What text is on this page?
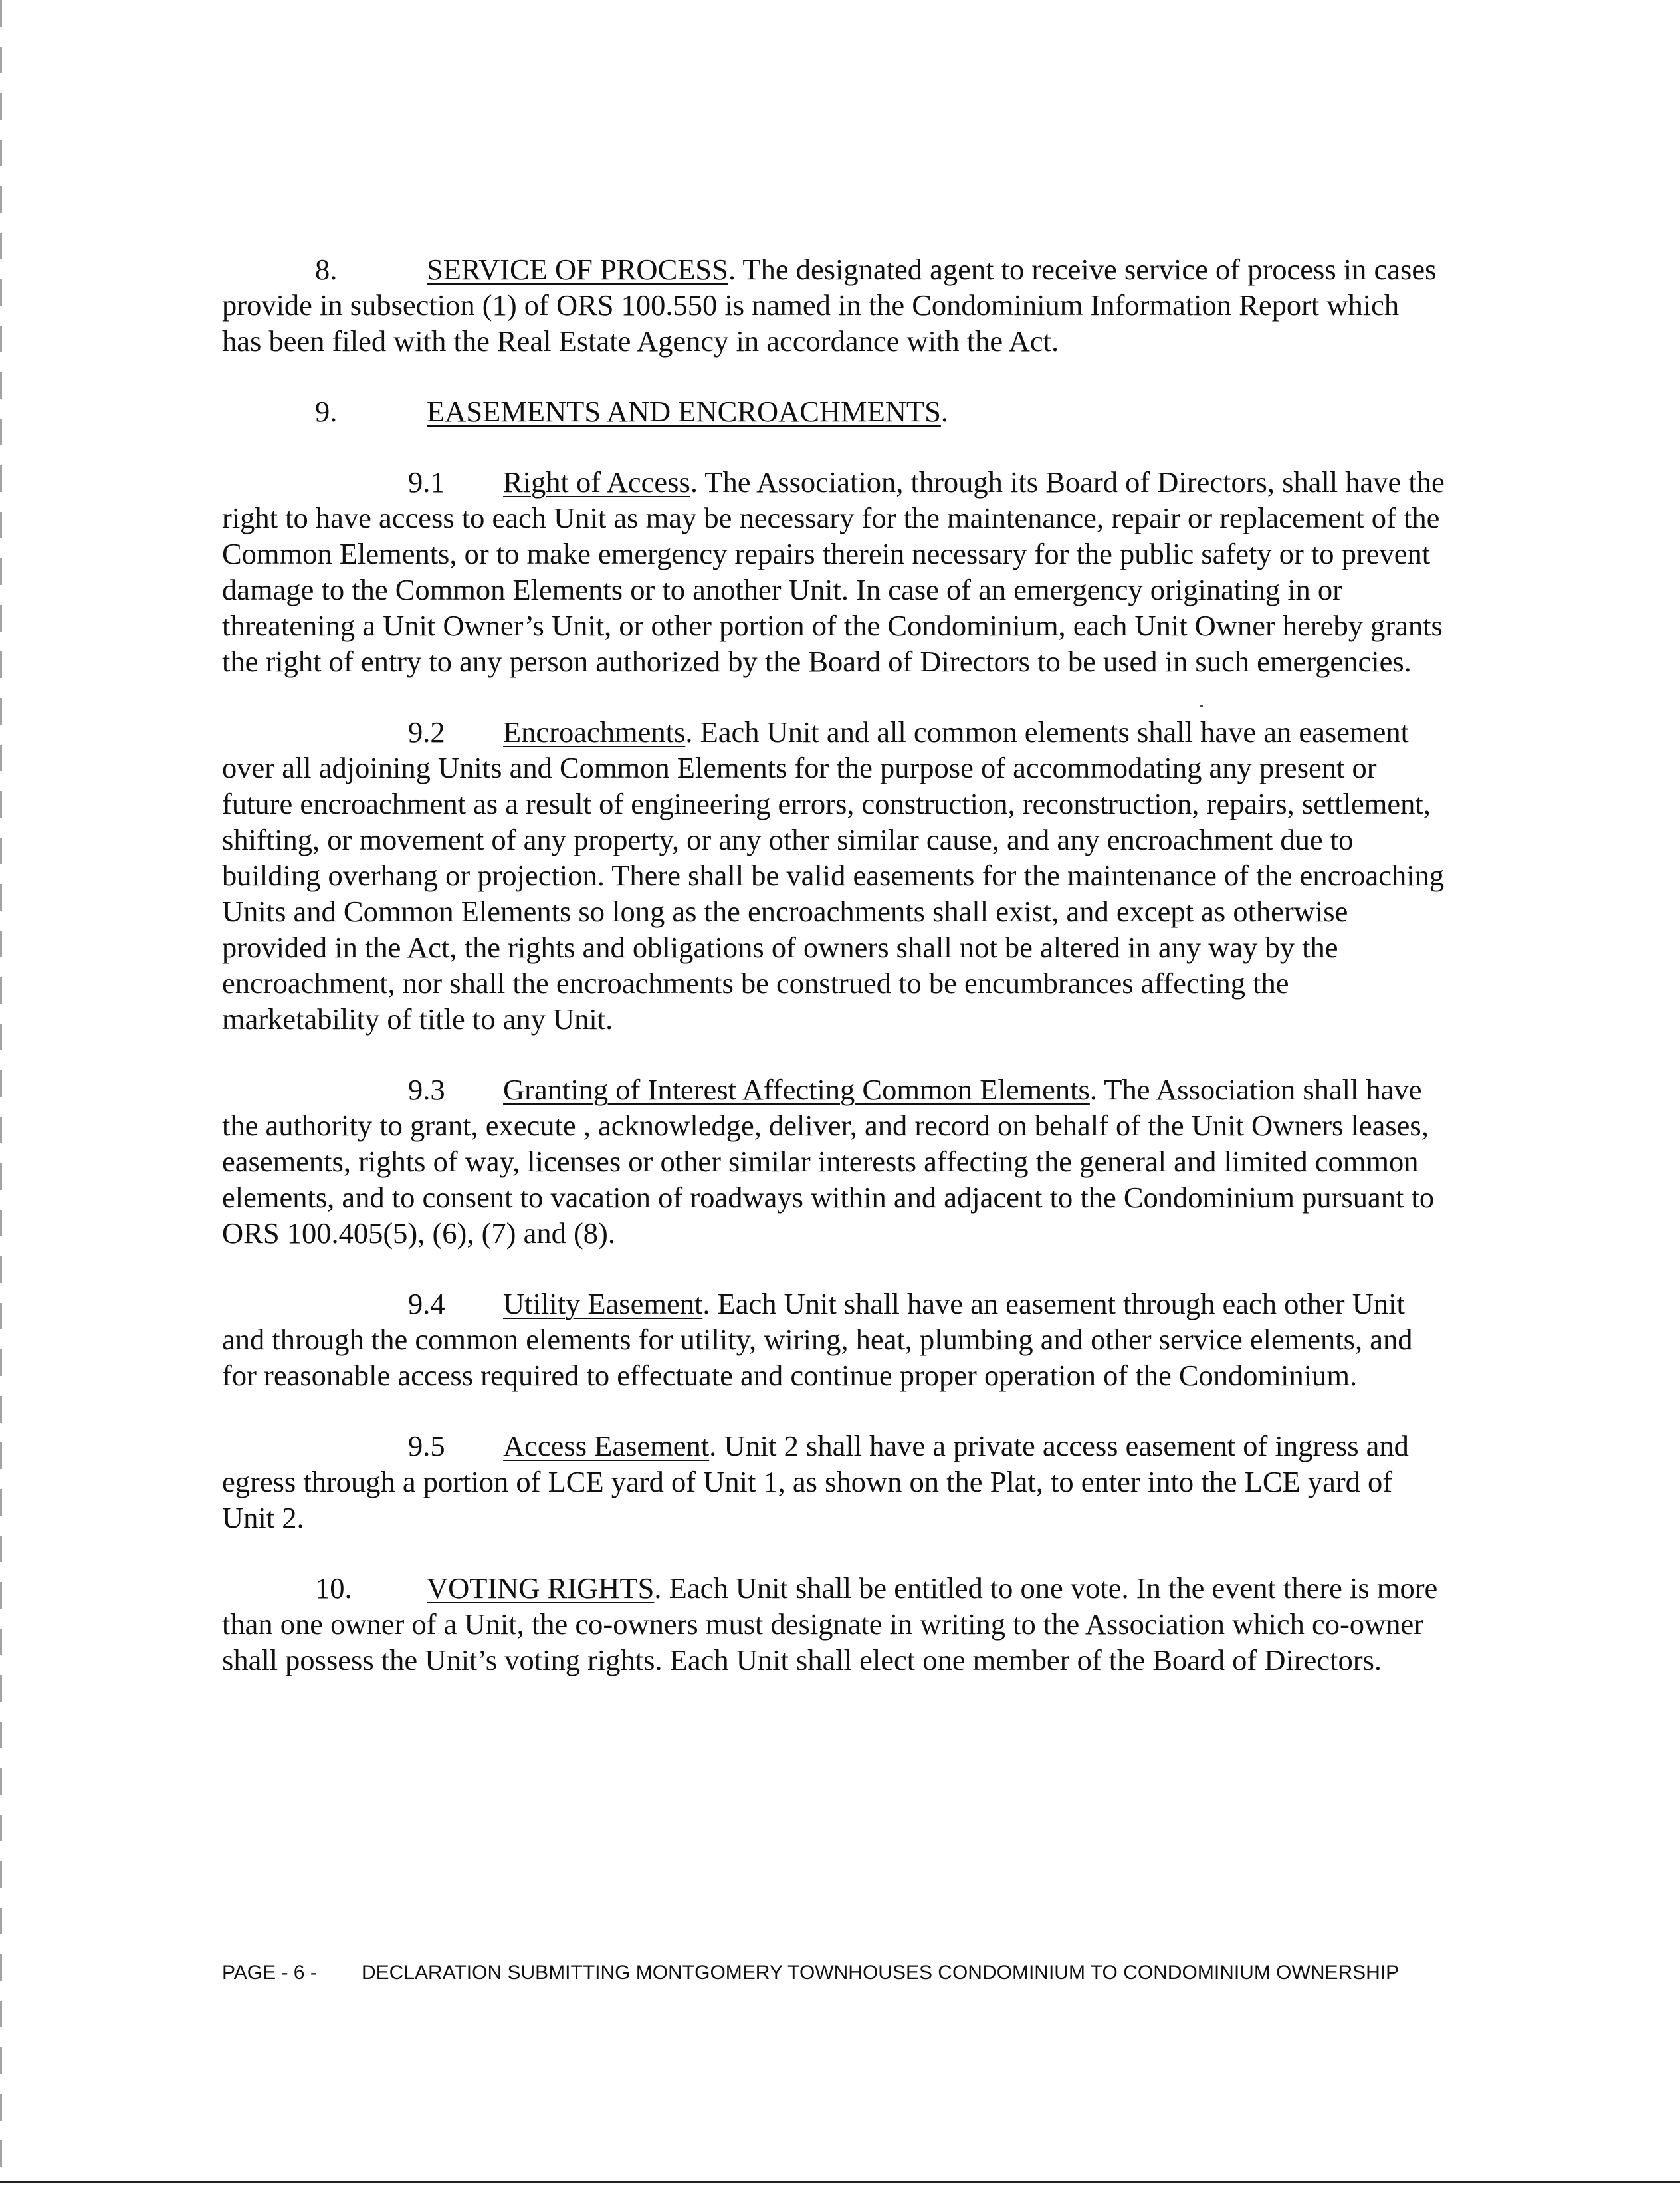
8.	SERVICE OF PROCESS. The designated agent to receive service of process in cases provide in subsection (1) of ORS 100.550 is named in the Condominium Information Report which has been filed with the Real Estate Agency in accordance with the Act.

9.	EASEMENTS AND ENCROACHMENTS.

9.1 Right of Access. The Association, through its Board of Directors, shall have the right to have access to each Unit as may be necessary for the maintenance, repair or replacement of the Common Elements, or to make emergency repairs therein necessary for the public safety or to prevent damage to the Common Elements or to another Unit. In case of an emergency originating in or threatening a Unit Owner’s Unit, or other portion of the Condominium, each Unit Owner hereby grants the right of entry to any person authorized by the Board of Directors to be used in such emergencies.

9.2 Encroachments. Each Unit and all common elements shall have an easement over all adjoining Units and Common Elements for the purpose of accommodating any present or future encroachment as a result of engineering errors, construction, reconstruction, repairs, settlement, shifting, or movement of any property, or any other similar cause, and any encroachment due to building overhang or projection. There shall be valid easements for the maintenance of the encroaching Units and Common Elements so long as the encroachments shall exist, and except as otherwise provided in the Act, the rights and obligations of owners shall not be altered in any way by the encroachment, nor shall the encroachments be construed to be encumbrances affecting the marketability of title to any Unit.

9.3 Granting of Interest Affecting Common Elements. The Association shall have the authority to grant, execute , acknowledge, deliver, and record on behalf of the Unit Owners leases, easements, rights of way, licenses or other similar interests affecting the general and limited common elements, and to consent to vacation of roadways within and adjacent to the Condominium pursuant to ORS 100.405(5), (6), (7) and (8).

9.4 Utility Easement. Each Unit shall have an easement through each other Unit and through the common elements for utility, wiring, heat, plumbing and other service elements, and for reasonable access required to effectuate and continue proper operation of the Condominium.

9.5 Access Easement. Unit 2 shall have a private access easement of ingress and egress through a portion of LCE yard of Unit 1, as shown on the Plat, to enter into the LCE yard of Unit 2.

10.	VOTING RIGHTS. Each Unit shall be entitled to one vote. In the event there is more than one owner of a Unit, the co-owners must designate in writing to the Association which co-owner shall possess the Unit’s voting rights. Each Unit shall elect one member of the Board of Directors.

PAGE - 6 -	DECLARATION SUBMITTING MONTGOMERY TOWNHOUSES CONDOMINIUM TO CONDOMINIUM OWNERSHIP
